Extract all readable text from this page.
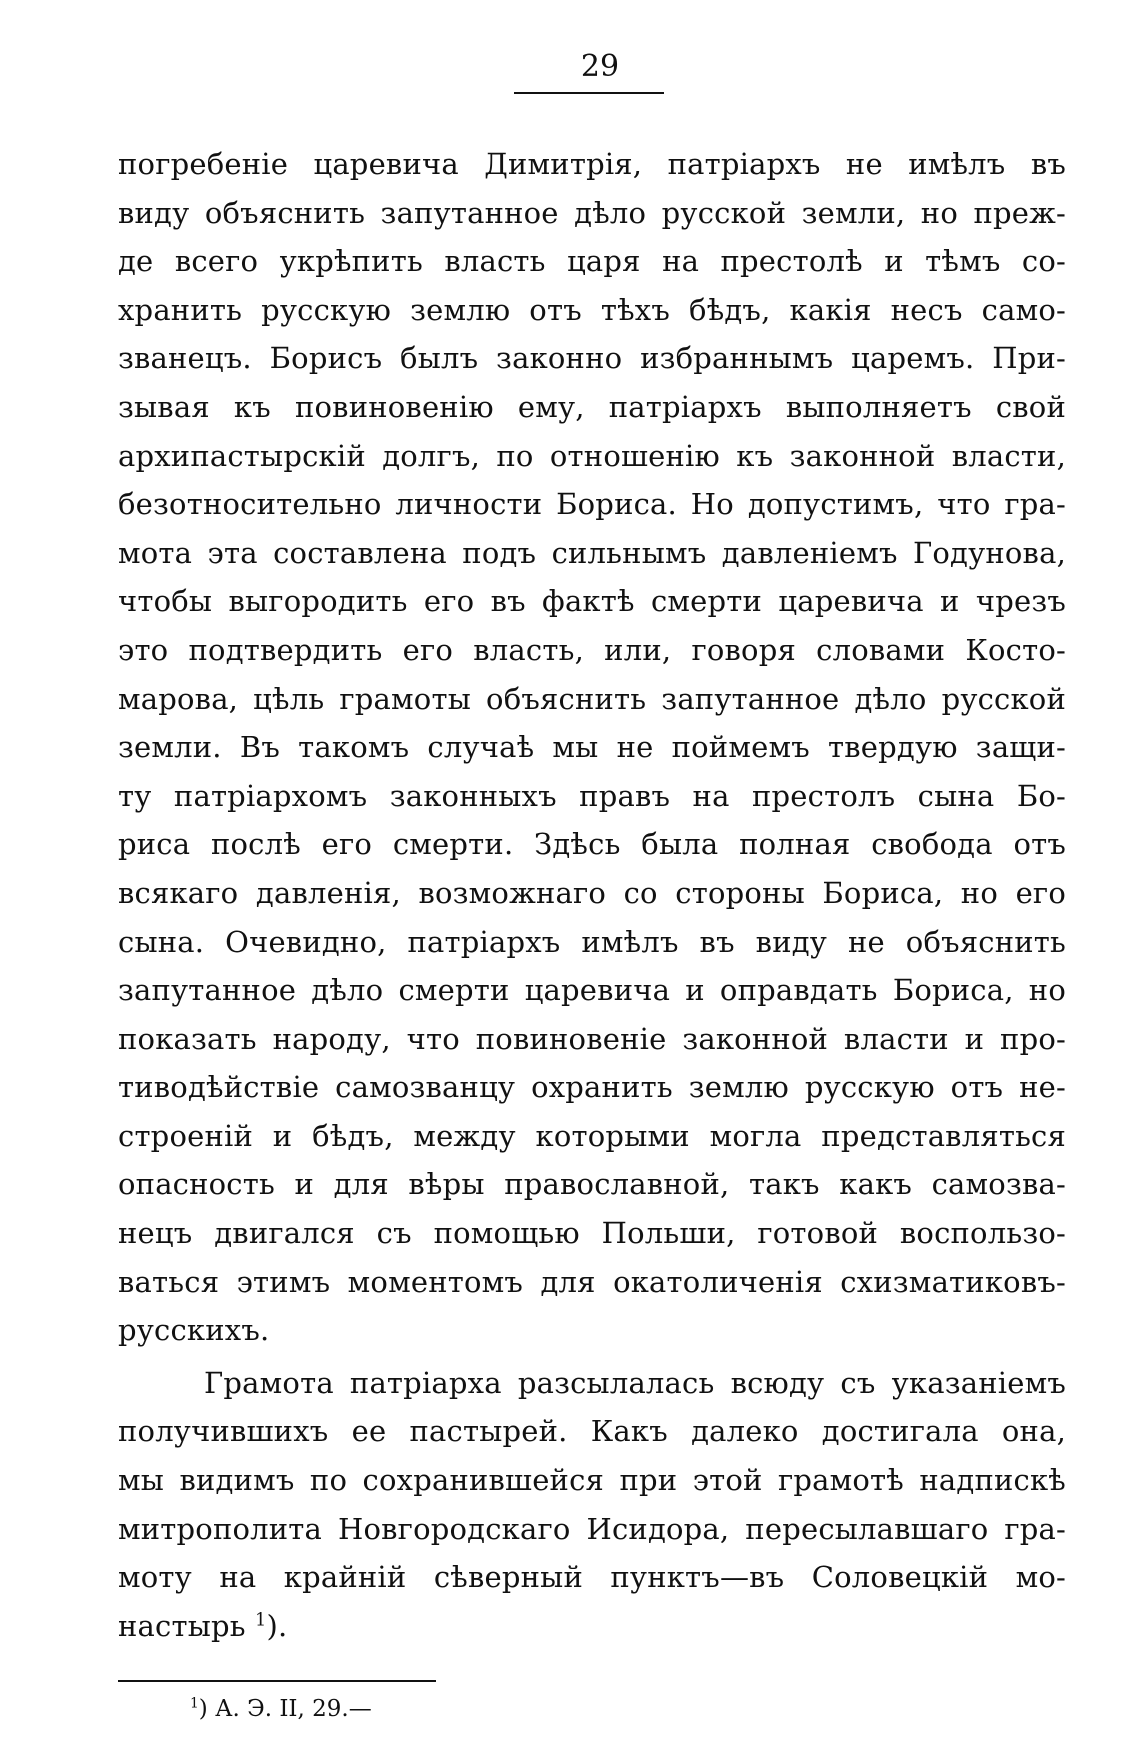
29
погребеніе царевича Димитрія, патріархъ не имѣлъ въ
виду объяснить запутанное дѣло русской земли, но преж-
де всего укрѣпить власть царя на престолѣ и тѣмъ со-
хранить русскую землю отъ тѣхъ бѣдъ, какія несъ само-
званецъ. Борисъ былъ законно избраннымъ царемъ. При-
зывая къ повиновенію ему, патріархъ выполняетъ свой
архипастырскій долгъ, по отношенію къ законной власти,
безотносительно личности Бориса. Но допустимъ, что гра-
мота эта составлена подъ сильнымъ давленіемъ Годунова,
чтобы выгородить его въ фактѣ смерти царевича и чрезъ
это подтвердить его власть, или, говоря словами Косто-
марова, цѣль грамоты объяснить запутанное дѣло русской
земли. Въ такомъ случаѣ мы не поймемъ твердую защи-
ту патріархомъ законныхъ правъ на престолъ сына Бо-
риса послѣ его смерти. Здѣсь была полная свобода отъ
всякаго давленія, возможнаго со стороны Бориса, но его
сына. Очевидно, патріархъ имѣлъ въ виду не объяснить
запутанное дѣло смерти царевича и оправдать Бориса, но
показать народу, что повиновеніе законной власти и про-
тиводѣйствіе самозванцу охранить землю русскую отъ не-
строеній и бѣдъ, между которыми могла представляться
опасность и для вѣры православной, такъ какъ самозва-
нецъ двигался съ помощью Польши, готовой воспользо-
ваться этимъ моментомъ для окатоличенія схизматиковъ-
русскихъ.
Грамота патріарха разсылалась всюду съ указаніемъ
получившихъ ее пастырей. Какъ далеко достигала она,
мы видимъ по сохранившейся при этой грамотѣ надпискѣ
митрополита Новгородскаго Исидора, пересылавшаго гра-
моту на крайній сѣверный пунктъ—въ Соловецкій мо-
настырь $^1$).
$^1$) А. Э. II, 29.—
